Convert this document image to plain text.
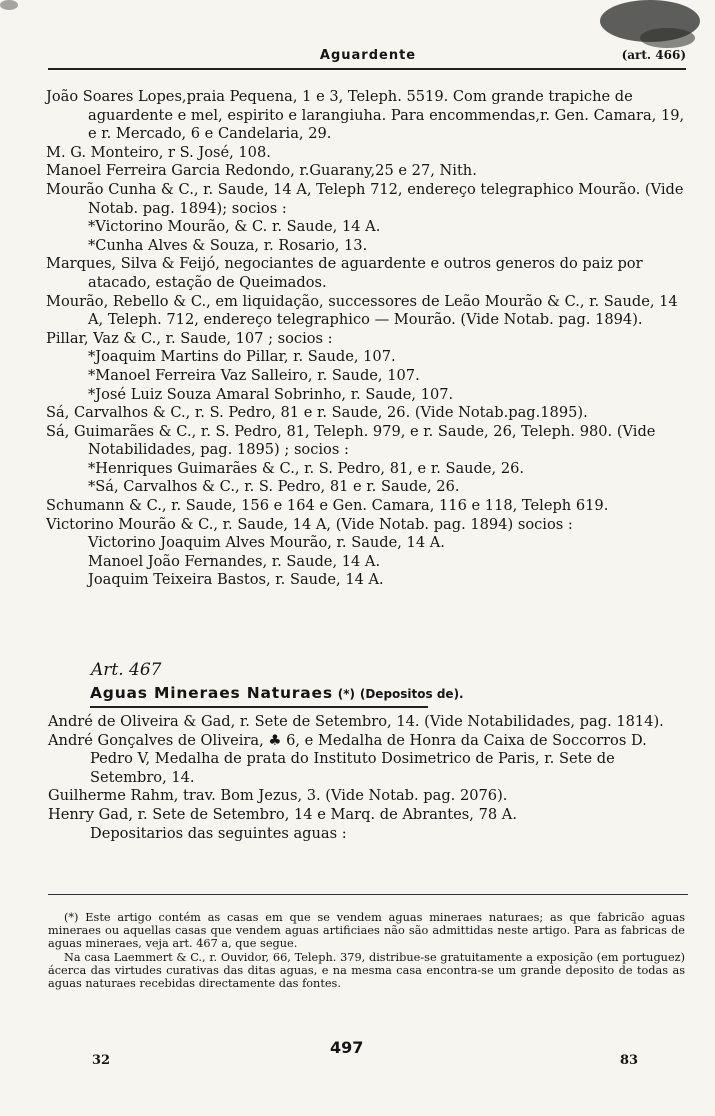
Aguardente	(art. 466)
João Soares Lopes,praia Pequena, 1 e 3, Teleph. 5519. Com grande trapiche de aguardente e mel, espirito e larangiuha. Para encommendas,r. Gen. Camara, 19, e r. Mercado, 6 e Candelaria, 29.
M. G. Monteiro, r S. José, 108.
Manoel Ferreira Garcia Redondo, r.Guarany,25 e 27, Nith.
Mourão Cunha & C., r. Saude, 14 A, Teleph 712, endereço telegraphico Mourão. (Vide Notab. pag. 1894); socios :
*Victorino Mourão, & C. r. Saude, 14 A.
*Cunha Alves & Souza, r. Rosario, 13.
Marques, Silva & Feijó, negociantes de aguardente e outros generos do paiz por atacado, estação de Queimados.
Mourão, Rebello & C., em liquidação, successores de Leão Mourão & C., r. Saude, 14 A, Teleph. 712, endereço telegraphico — Mourão. (Vide Notab. pag. 1894).
Pillar, Vaz & C., r. Saude, 107 ; socios :
*Joaquim Martins do Pillar, r. Saude, 107.
*Manoel Ferreira Vaz Salleiro, r. Saude, 107.
*José Luiz Souza Amaral Sobrinho, r. Saude, 107.
Sá, Carvalhos & C., r. S. Pedro, 81 e r. Saude, 26. (Vide Notab.pag.1895).
Sá, Guimarães & C., r. S. Pedro, 81, Teleph. 979, e r. Saude, 26, Teleph. 980. (Vide Notabilidades, pag. 1895) ; socios :
*Henriques Guimarães & C., r. S. Pedro, 81, e r. Saude, 26.
*Sá, Carvalhos & C., r. S. Pedro, 81 e r. Saude, 26.
Schumann & C., r. Saude, 156 e 164 e Gen. Camara, 116 e 118, Teleph 619.
Victorino Mourão & C., r. Saude, 14 A, (Vide Notab. pag. 1894) socios :
Victorino Joaquim Alves Mourão, r. Saude, 14 A.
Manoel João Fernandes, r. Saude, 14 A.
Joaquim Teixeira Bastos, r. Saude, 14 A.
Art. 467
Aguas Mineraes Naturaes (*) (Depositos de).
André de Oliveira & Gad, r. Sete de Setembro, 14. (Vide Notabilidades, pag. 1814).
André Gonçalves de Oliveira, ♣ 6, e Medalha de Honra da Caixa de Soccorros D. Pedro V, Medalha de prata do Instituto Dosimetrico de Paris, r. Sete de Setembro, 14.
Guilherme Rahm, trav. Bom Jezus, 3. (Vide Notab. pag. 2076).
Henry Gad, r. Sete de Setembro, 14 e Marq. de Abrantes, 78 A.
Depositarios das seguintes aguas :

(*) Este artigo contém as casas em que se vendem aguas mineraes naturaes; as que fabricão aguas mineraes ou aquellas casas que vendem aguas artificiaes não são admittidas neste artigo. Para as fabricas de aguas mineraes, veja art. 467 a, que segue.

Na casa Laemmert & C., r. Ouvidor, 66, Teleph. 379, distribue-se gratuitamente a exposição (em portuguez) ácerca das virtudes curativas das ditas aguas, e na mesma casa encontra-se um grande deposito de todas as aguas naturaes recebidas directamente das fontes.

32
497
83
